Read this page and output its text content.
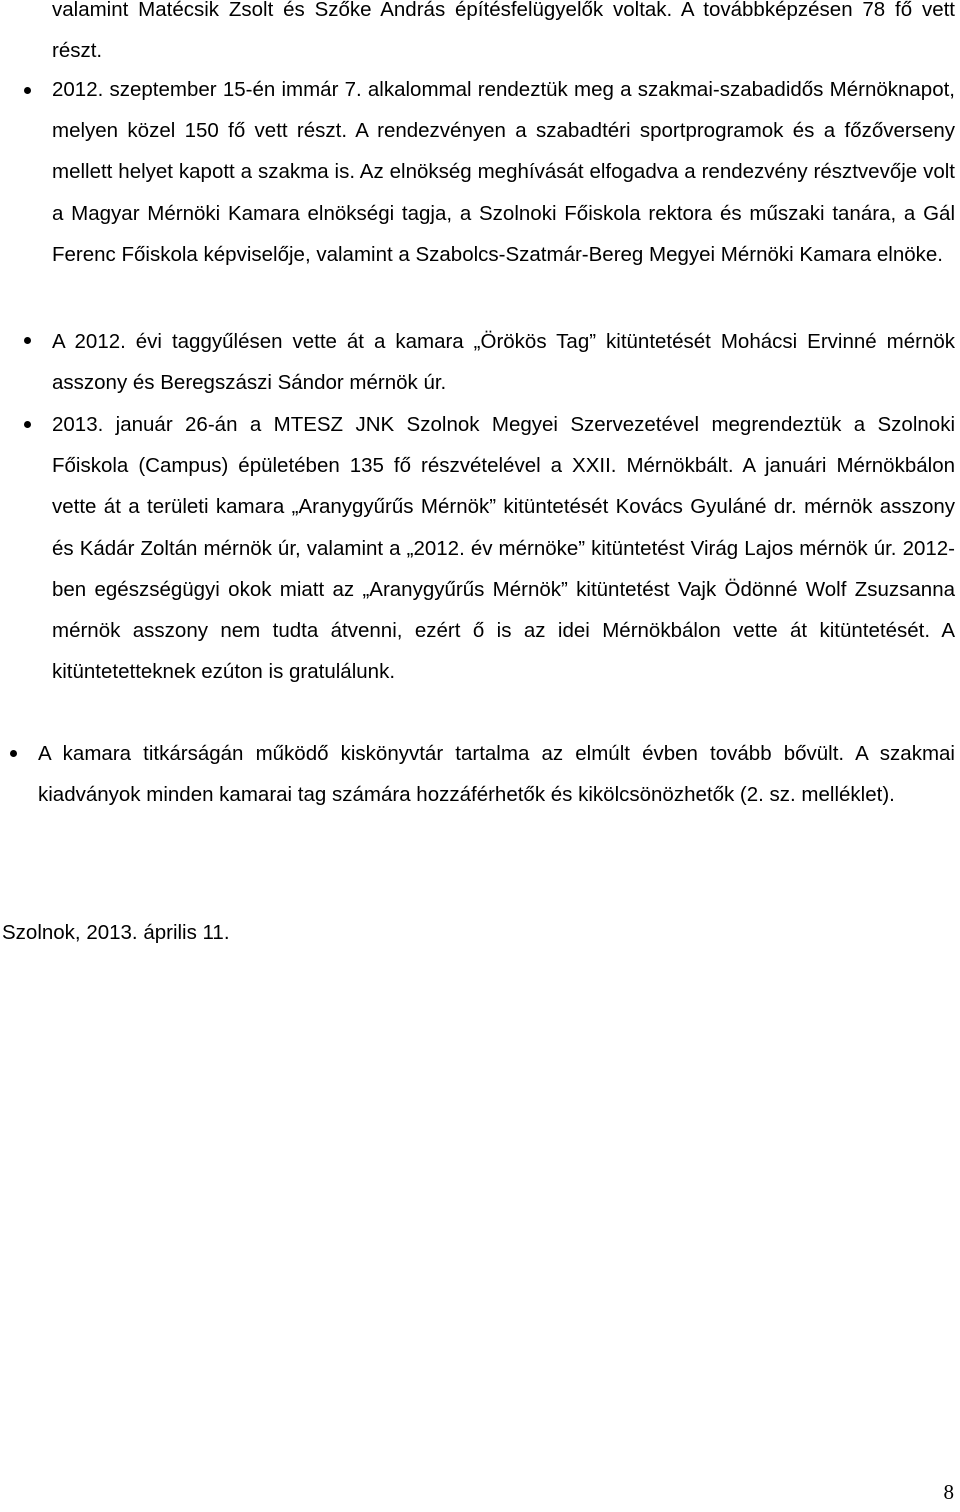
valamint Matécsik Zsolt és Szőke András építésfelügyelők voltak. A továbbképzésen 78 fő vett részt.

2012. szeptember 15-én immár 7. alkalommal rendeztük meg a szakmai-szabadidős Mérnöknapot, melyen közel 150 fő vett részt. A rendezvényen a szabadtéri sportprogramok és a főzőverseny mellett helyet kapott a szakma is. Az elnökség meghívását elfogadva a rendezvény résztvevője volt a Magyar Mérnöki Kamara elnökségi tagja, a Szolnoki Főiskola rektora és műszaki tanára, a Gál Ferenc Főiskola képviselője, valamint a Szabolcs-Szatmár-Bereg Megyei Mérnöki Kamara elnöke.

A 2012. évi taggyűlésen vette át a kamara „Örökös Tag” kitüntetését Mohácsi Ervinné mérnök asszony és Beregszászi Sándor mérnök úr.

2013. január 26-án a MTESZ JNK Szolnok Megyei Szervezetével megrendeztük a Szolnoki Főiskola (Campus) épületében 135 fő részvételével a XXII. Mérnökbált. A januári Mérnökbálon vette át a területi kamara „Aranygyűrűs Mérnök” kitüntetését Kovács Gyuláné dr. mérnök asszony és Kádár Zoltán mérnök úr, valamint a „2012. év mérnöke” kitüntetést Virág Lajos mérnök úr. 2012-ben egészségügyi okok miatt az „Aranygyűrűs Mérnök” kitüntetést Vajk Ödönné Wolf Zsuzsanna mérnök asszony nem tudta átvenni, ezért ő is az idei Mérnökbálon vette át kitüntetését. A kitüntetetteknek ezúton is gratulálunk.

A kamara titkárságán működő kiskönyvtár tartalma az elmúlt évben tovább bővült. A szakmai kiadványok minden kamarai tag számára hozzáférhetők és kikölcsönözhetők (2. sz. melléklet).

Szolnok, 2013. április 11.

8
